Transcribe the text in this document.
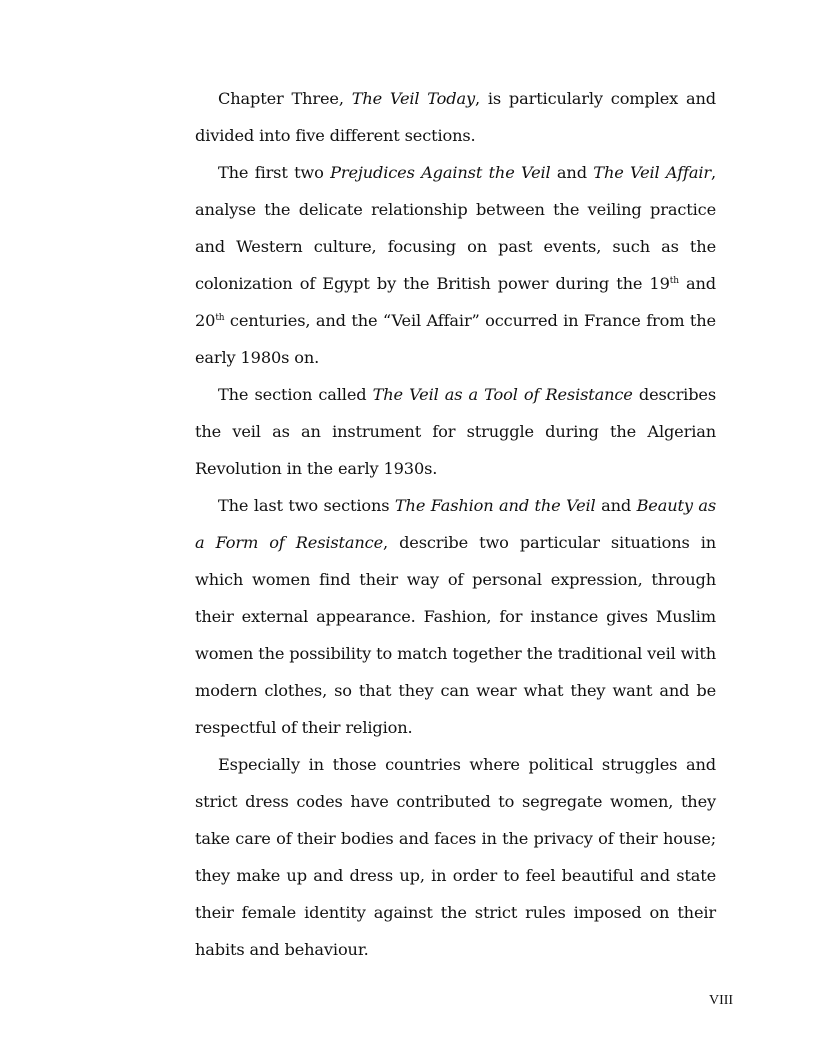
Chapter Three, The Veil Today, is particularly complex and divided into five different sections.

The first two Prejudices Against the Veil and The Veil Affair, analyse the delicate relationship between the veiling practice and Western culture, focusing on past events, such as the colonization of Egypt by the British power during the 19th and 20th centuries, and the “Veil Affair” occurred in France from the early 1980s on.

The section called The Veil as a Tool of Resistance describes the veil as an instrument for struggle during the Algerian Revolution in the early 1930s.

The last two sections The Fashion and the Veil and Beauty as a Form of Resistance, describe two particular situations in which women find their way of personal expression, through their external appearance. Fashion, for instance gives Muslim women the possibility to match together the traditional veil with modern clothes, so that they can wear what they want and be respectful of their religion.

Especially in those countries where political struggles and strict dress codes have contributed to segregate women, they take care of their bodies and faces in the privacy of their house; they make up and dress up, in order to feel beautiful and state their female identity against the strict rules imposed on their habits and behaviour.

VIII
